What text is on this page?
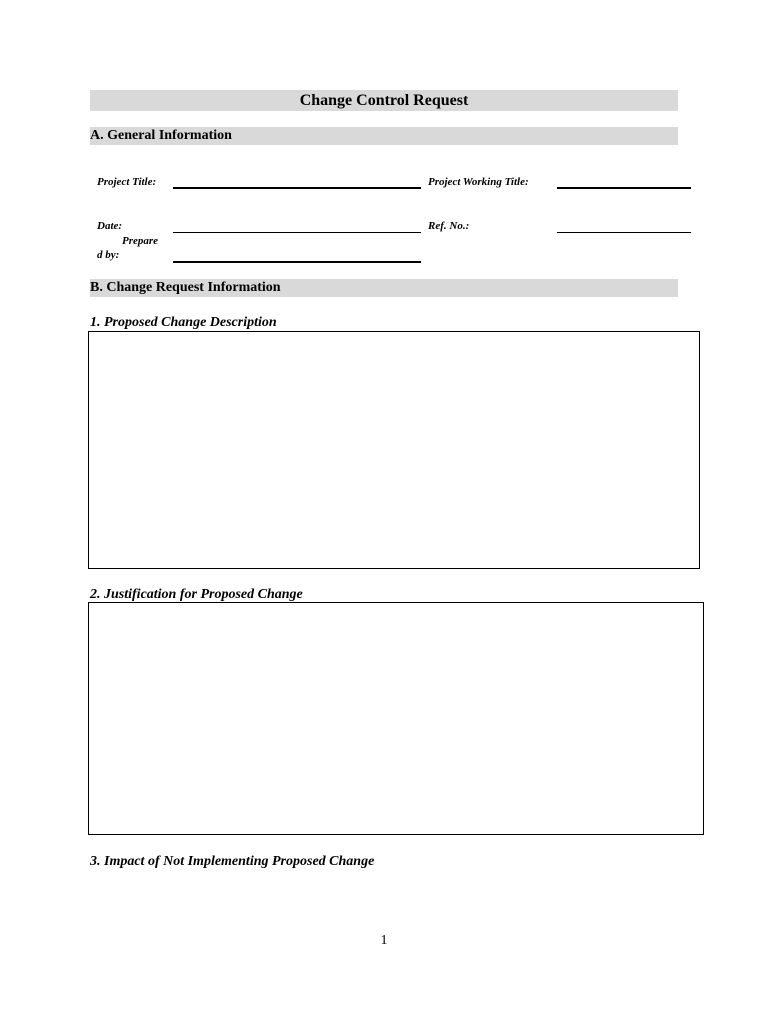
Change Control Request
A. General Information
Project Title:	Project Working Title:
Date:	Ref. No.:
Prepare
d by:
B. Change Request Information
1. Proposed Change Description
2. Justification for Proposed Change
3. Impact of Not Implementing Proposed Change
1
